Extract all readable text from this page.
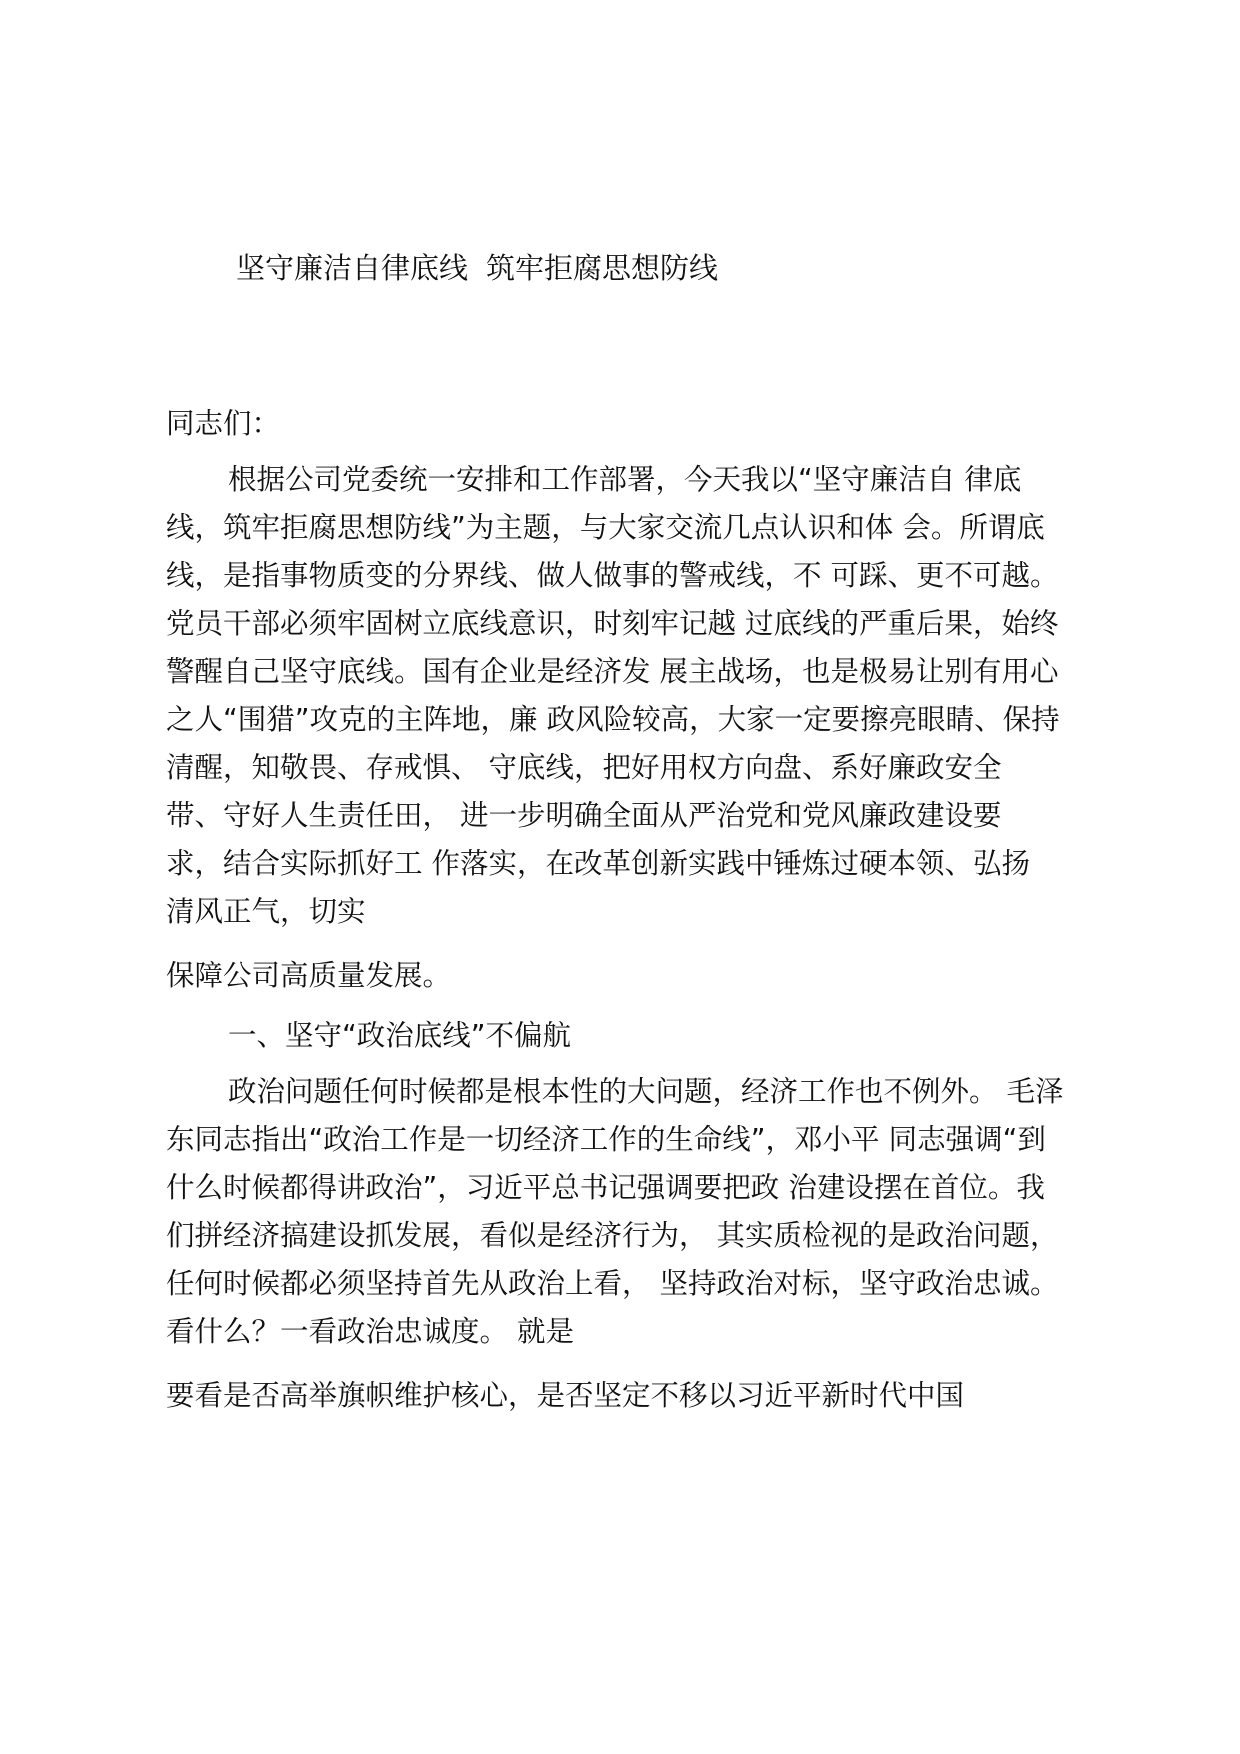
坚守廉洁自律底线 筑牢拒腐思想防线
同志们：
根据公司党委统一安排和工作部署，今天我以“坚守廉洁自 律底
线，筑牢拒腐思想防线”为主题，与大家交流几点认识和体 会。所谓底
线，是指事物质变的分界线、做人做事的警戒线，不 可踩、更不可越。
党员干部必须牢固树立底线意识，时刻牢记越 过底线的严重后果，始终
警醒自己坚守底线。国有企业是经济发 展主战场，也是极易让别有用心
之人“围猎”攻克的主阵地，廉 政风险较高，大家一定要擦亮眼睛、保持
清醒，知敬畏、存戒惧、 守底线，把好用权方向盘、系好廉政安全
带、守好人生责任田， 进一步明确全面从严治党和党风廉政建设要
求，结合实际抓好工 作落实，在改革创新实践中锤炼过硬本领、弘扬
清风正气，切实
保障公司高质量发展。
一、坚守“政治底线”不偏航
政治问题任何时候都是根本性的大问题，经济工作也不例外。 毛泽
东同志指出“政治工作是一切经济工作的生命线”，邓小平 同志强调“到
什么时候都得讲政治”，习近平总书记强调要把政 治建设摆在首位。我
们拼经济搞建设抓发展，看似是经济行为， 其实质检视的是政治问题，
任何时候都必须坚持首先从政治上看， 坚持政治对标，坚守政治忠诚。
看什么？一看政治忠诚度。 就是
要看是否高举旗帜维护核心，是否坚定不移以习近平新时代中国
